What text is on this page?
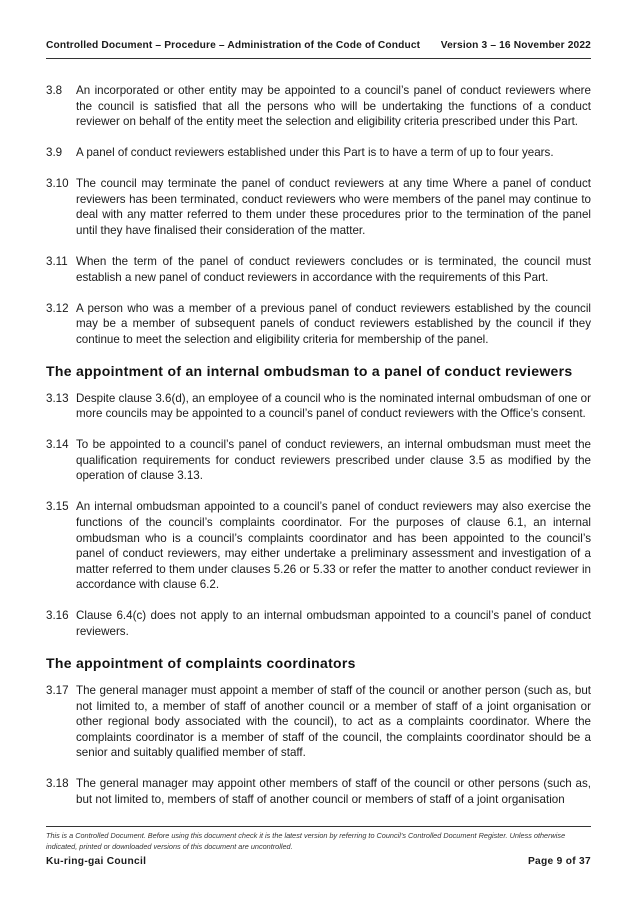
Controlled Document – Procedure – Administration of the Code of Conduct Version 3 – 16 November 2022
3.8	An incorporated or other entity may be appointed to a council’s panel of conduct reviewers where the council is satisfied that all the persons who will be undertaking the functions of a conduct reviewer on behalf of the entity meet the selection and eligibility criteria prescribed under this Part.
3.9	A panel of conduct reviewers established under this Part is to have a term of up to four years.
3.10 The council may terminate the panel of conduct reviewers at any time Where a panel of conduct reviewers has been terminated, conduct reviewers who were members of the panel may continue to deal with any matter referred to them under these procedures prior to the termination of the panel until they have finalised their consideration of the matter.
3.11 When the term of the panel of conduct reviewers concludes or is terminated, the council must establish a new panel of conduct reviewers in accordance with the requirements of this Part.
3.12 A person who was a member of a previous panel of conduct reviewers established by the council may be a member of subsequent panels of conduct reviewers established by the council if they continue to meet the selection and eligibility criteria for membership of the panel.
The appointment of an internal ombudsman to a panel of conduct reviewers
3.13 Despite clause 3.6(d), an employee of a council who is the nominated internal ombudsman of one or more councils may be appointed to a council’s panel of conduct reviewers with the Office’s consent.
3.14 To be appointed to a council’s panel of conduct reviewers, an internal ombudsman must meet the qualification requirements for conduct reviewers prescribed under clause 3.5 as modified by the operation of clause 3.13.
3.15 An internal ombudsman appointed to a council’s panel of conduct reviewers may also exercise the functions of the council’s complaints coordinator. For the purposes of clause 6.1, an internal ombudsman who is a council’s complaints coordinator and has been appointed to the council’s panel of conduct reviewers, may either undertake a preliminary assessment and investigation of a matter referred to them under clauses 5.26 or 5.33 or refer the matter to another conduct reviewer in accordance with clause 6.2.
3.16 Clause 6.4(c) does not apply to an internal ombudsman appointed to a council’s panel of conduct reviewers.
The appointment of complaints coordinators
3.17 The general manager must appoint a member of staff of the council or another person (such as, but not limited to, a member of staff of another council or a member of staff of a joint organisation or other regional body associated with the council), to act as a complaints coordinator. Where the complaints coordinator is a member of staff of the council, the complaints coordinator should be a senior and suitably qualified member of staff.
3.18 The general manager may appoint other members of staff of the council or other persons (such as, but not limited to, members of staff of another council or members of staff of a joint organisation
This is a Controlled Document. Before using this document check it is the latest version by referring to Council’s Controlled Document Register. Unless otherwise indicated, printed or downloaded versions of this document are uncontrolled.
Ku-ring-gai Council	Page 9 of 37
